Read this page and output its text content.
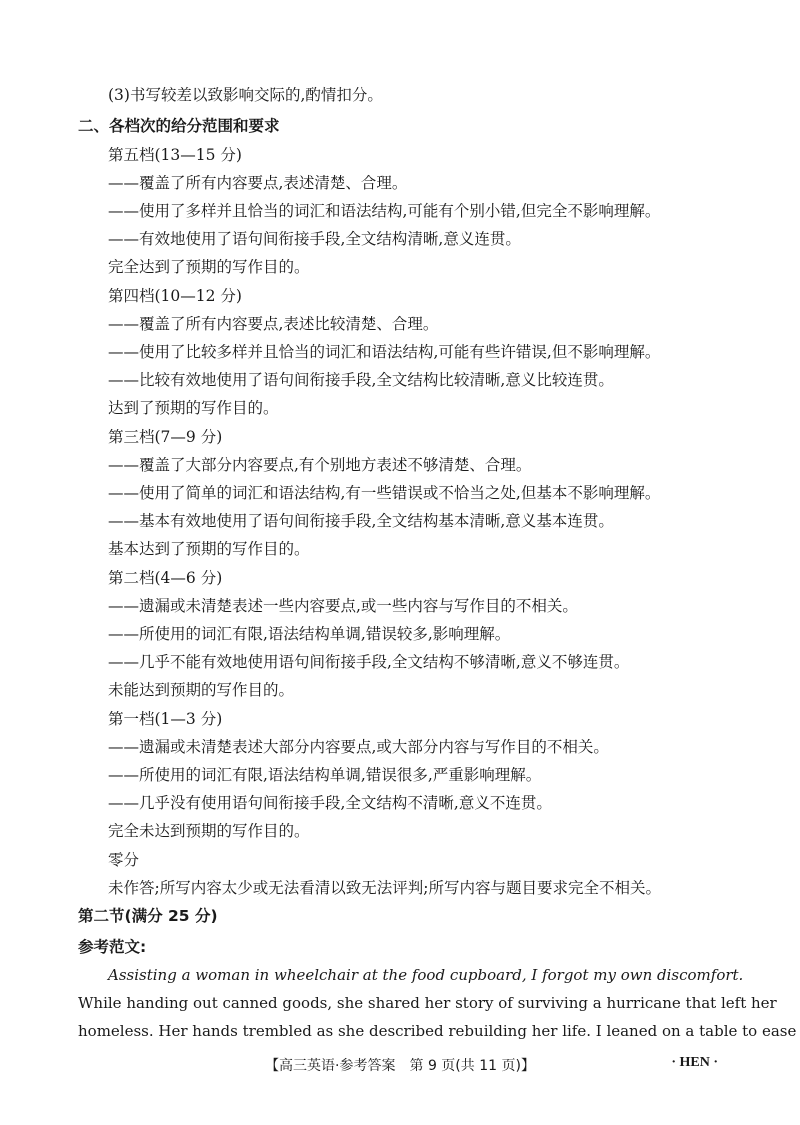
(3)书写较差以致影响交际的,酌情扣分。
二、各档次的给分范围和要求
第五档(13—15 分)
——覆盖了所有内容要点,表述清楚、合理。
——使用了多样并且恰当的词汇和语法结构,可能有个别小错,但完全不影响理解。
——有效地使用了语句间衔接手段,全文结构清晰,意义连贯。
完全达到了预期的写作目的。
第四档(10—12 分)
——覆盖了所有内容要点,表述比较清楚、合理。
——使用了比较多样并且恰当的词汇和语法结构,可能有些许错误,但不影响理解。
——比较有效地使用了语句间衔接手段,全文结构比较清晰,意义比较连贯。
达到了预期的写作目的。
第三档(7—9 分)
——覆盖了大部分内容要点,有个别地方表述不够清楚、合理。
——使用了简单的词汇和语法结构,有一些错误或不恰当之处,但基本不影响理解。
——基本有效地使用了语句间衔接手段,全文结构基本清晰,意义基本连贯。
基本达到了预期的写作目的。
第二档(4—6 分)
——遗漏或未清楚表述一些内容要点,或一些内容与写作目的不相关。
——所使用的词汇有限,语法结构单调,错误较多,影响理解。
——几乎不能有效地使用语句间衔接手段,全文结构不够清晰,意义不够连贯。
未能达到预期的写作目的。
第一档(1—3 分)
——遗漏或未清楚表述大部分内容要点,或大部分内容与写作目的不相关。
——所使用的词汇有限,语法结构单调,错误很多,严重影响理解。
——几乎没有使用语句间衔接手段,全文结构不清晰,意义不连贯。
完全未达到预期的写作目的。
零分
未作答;所写内容太少或无法看清以致无法评判;所写内容与题目要求完全不相关。
第二节(满分 25 分)
参考范文:
Assisting a woman in wheelchair at the food cupboard, I forgot my own discomfort.
While handing out canned goods, she shared her story of surviving a hurricane that left her
homeless. Her hands trembled as she described rebuilding her life. I leaned on a table to ease
【高三英语·参考答案　第 9 页(共 11 页)】	· HEN ·
